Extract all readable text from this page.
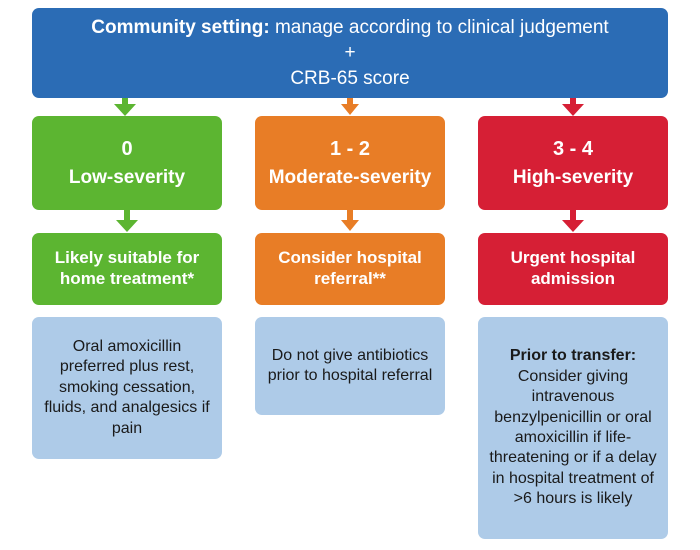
Community setting: manage according to clinical judgement
+
CRB-65 score
0
Low-severity
1 - 2
Moderate-severity
3 - 4
High-severity
Likely suitable for home treatment*
Consider hospital referral**
Urgent hospital admission
Oral amoxicillin preferred plus rest, smoking cessation, fluids, and analgesics if pain
Do not give antibiotics prior to hospital referral
Prior to transfer:
Consider giving intravenous benzylpenicillin or oral amoxicillin if life-threatening or if a delay in hospital treatment of >6 hours is likely
